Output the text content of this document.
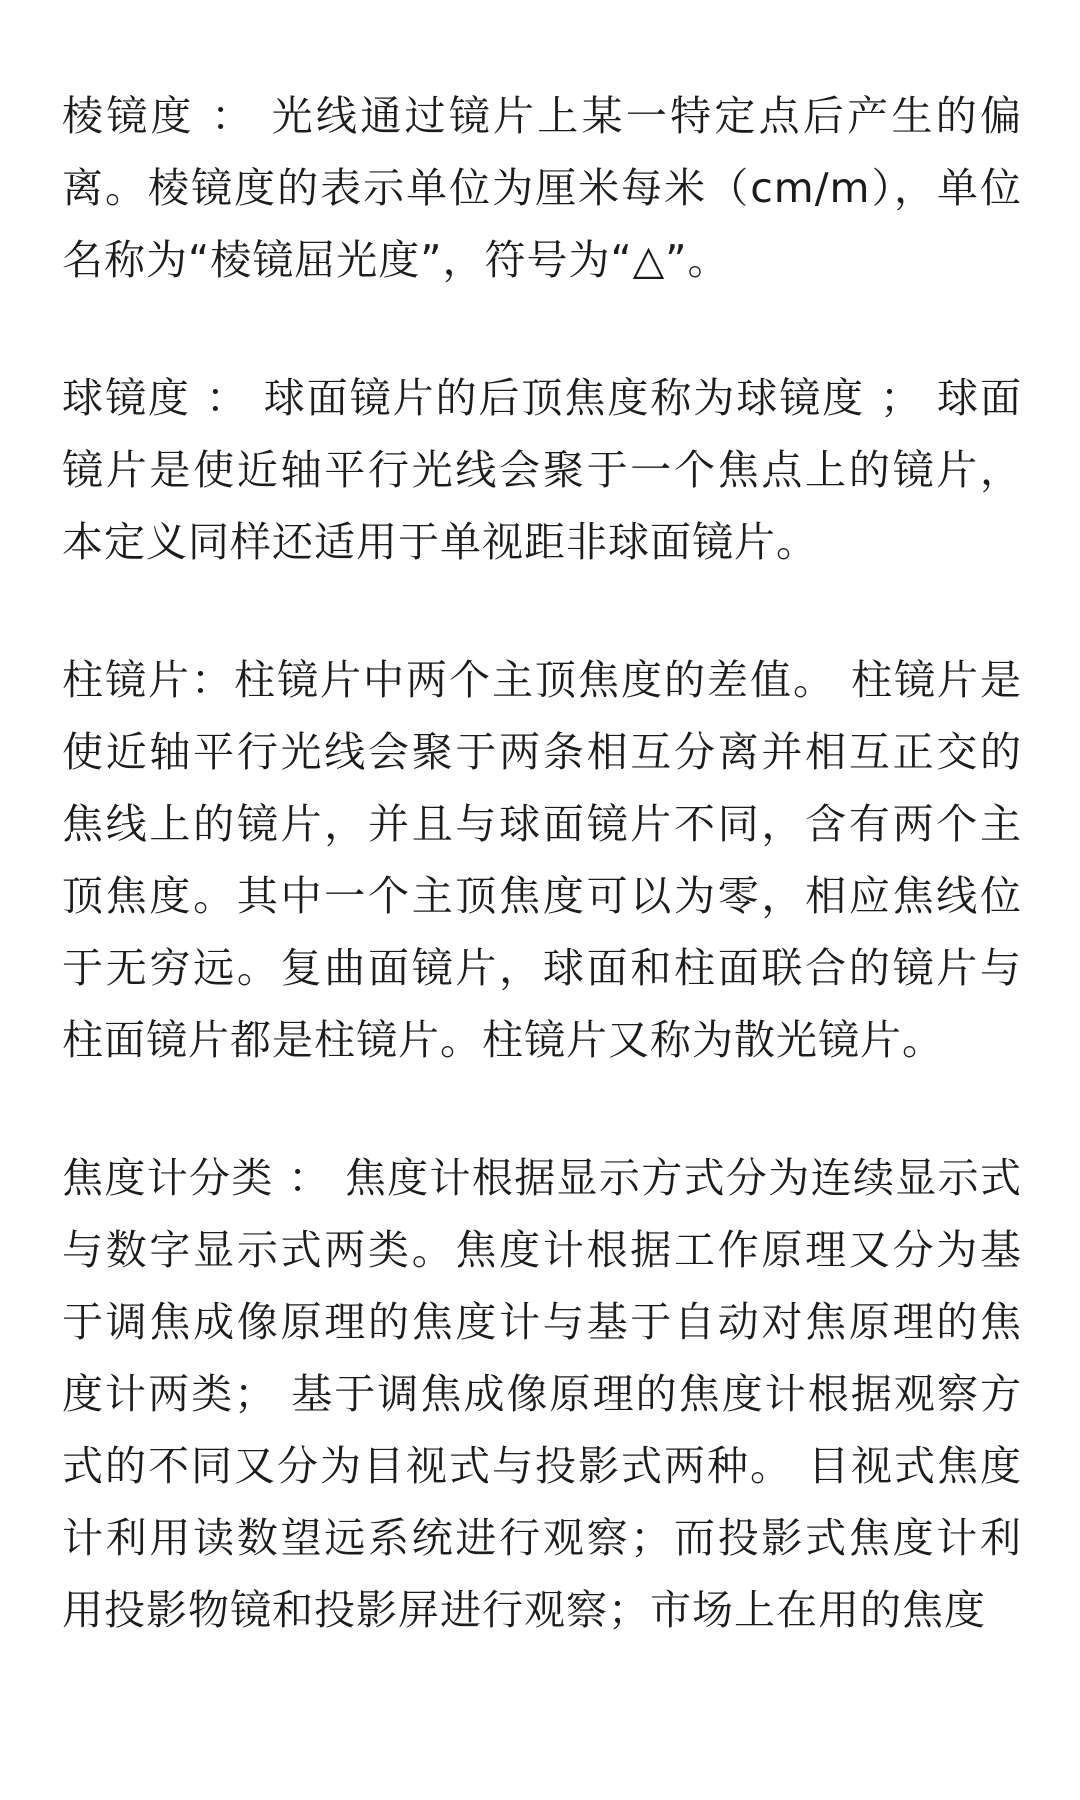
棱镜度 ： 光线通过镜片上某一特定点后产生的偏离。棱镜度的表示单位为厘米每米（cm/m），单位名称为“棱镜屈光度”，符号为“△”。

球镜度 ： 球面镜片的后顶焦度称为球镜度 ； 球面镜片是使近轴平行光线会聚于一个焦点上的镜片，本定义同样还适用于单视距非球面镜片。

柱镜片：柱镜片中两个主顶焦度的差值。 柱镜片是使近轴平行光线会聚于两条相互分离并相互正交的焦线上的镜片，并且与球面镜片不同，含有两个主顶焦度。其中一个主顶焦度可以为零，相应焦线位于无穷远。复曲面镜片，球面和柱面联合的镜片与柱面镜片都是柱镜片。柱镜片又称为散光镜片。

焦度计分类 ： 焦度计根据显示方式分为连续显示式与数字显示式两类。焦度计根据工作原理又分为基于调焦成像原理的焦度计与基于自动对焦原理的焦度计两类； 基于调焦成像原理的焦度计根据观察方式的不同又分为目视式与投影式两种。 目视式焦度计利用读数望远系统进行观察；而投影式焦度计利用投影物镜和投影屏进行观察；市场上在用的焦度
